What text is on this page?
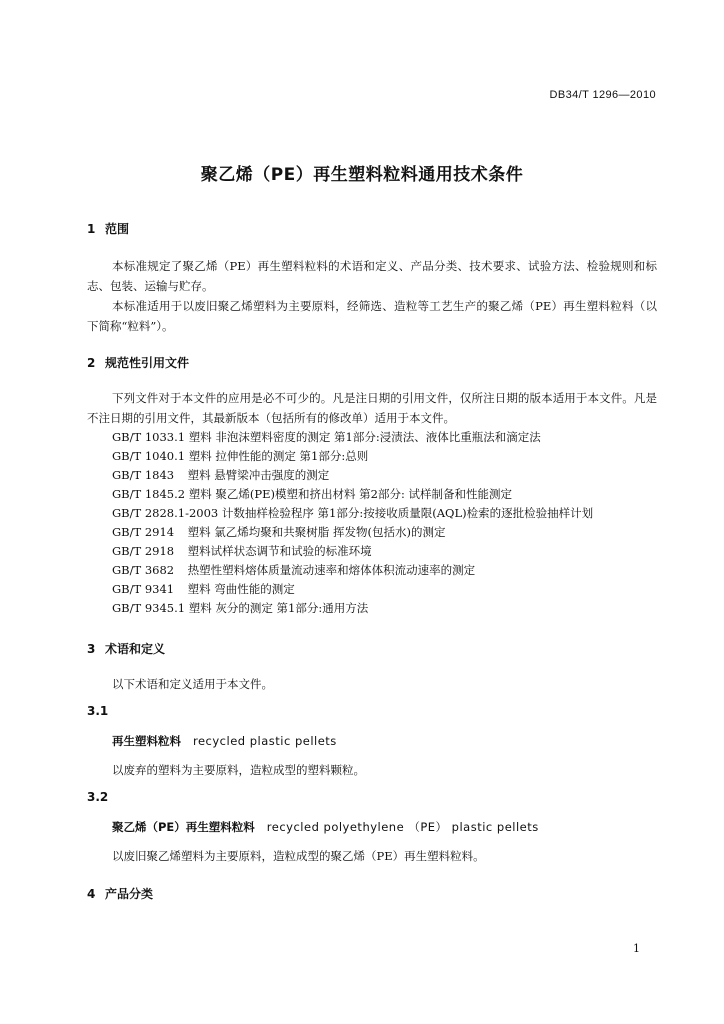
DB34/T 1296—2010
聚乙烯（PE）再生塑料粒料通用技术条件
1 范围
本标准规定了聚乙烯（PE）再生塑料粒料的术语和定义、产品分类、技术要求、试验方法、检验规则和标志、包装、运输与贮存。
本标准适用于以废旧聚乙烯塑料为主要原料，经筛选、造粒等工艺生产的聚乙烯（PE）再生塑料粒料（以下简称“粒料”）。
2 规范性引用文件
下列文件对于本文件的应用是必不可少的。凡是注日期的引用文件，仅所注日期的版本适用于本文件。凡是不注日期的引用文件，其最新版本（包括所有的修改单）适用于本文件。
GB/T 1033.1 塑料 非泡沫塑料密度的测定 第1部分:浸渍法、液体比重瓶法和滴定法
GB/T 1040.1 塑料 拉伸性能的测定 第1部分:总则
GB/T 1843 塑料 悬臂梁冲击强度的测定
GB/T 1845.2 塑料 聚乙烯(PE)模塑和挤出材料 第2部分: 试样制备和性能测定
GB/T 2828.1-2003 计数抽样检验程序 第1部分:按接收质量限(AQL)检索的逐批检验抽样计划
GB/T 2914 塑料 氯乙烯均聚和共聚树脂 挥发物(包括水)的测定
GB/T 2918 塑料试样状态调节和试验的标准环境
GB/T 3682 热塑性塑料熔体质量流动速率和熔体体积流动速率的测定
GB/T 9341 塑料 弯曲性能的测定
GB/T 9345.1 塑料 灰分的测定 第1部分:通用方法
3 术语和定义
以下术语和定义适用于本文件。
3.1
再生塑料粒料 recycled plastic pellets
以废弃的塑料为主要原料，造粒成型的塑料颗粒。
3.2
聚乙烯（PE）再生塑料粒料 recycled polyethylene （PE） plastic pellets
以废旧聚乙烯塑料为主要原料，造粒成型的聚乙烯（PE）再生塑料粒料。
4 产品分类
1
